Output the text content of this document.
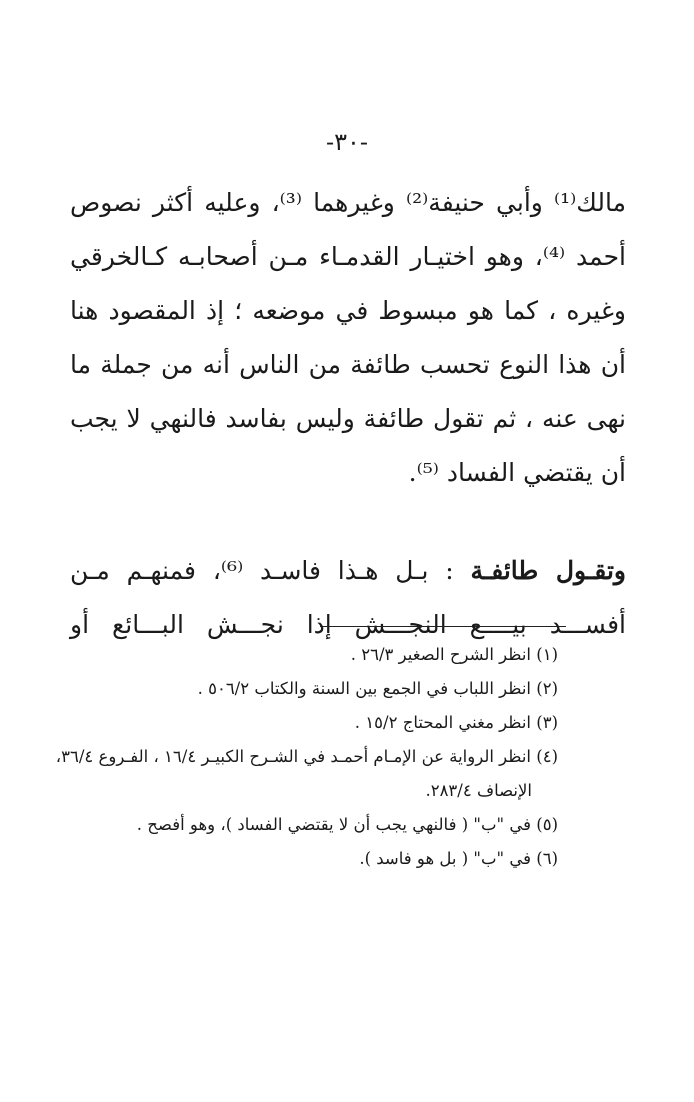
-٣٠-
مالك⁽¹⁾ وأبي حنيفة⁽²⁾ وغيرهما ⁽³⁾، وعليه أكثر نصوص
أحمد ⁽⁴⁾، وهو اختيـار القدمـاء مـن أصحابـه كـالخرقي
وغيره ، كما هو مبسوط في موضعه ؛ إذ المقصود هنا
أن هذا النوع تحسب طائفة من الناس أنه من جملة ما
نهى عنه ، ثم تقول طائفة وليس بفاسد فالنهي لا يجب
أن يقتضي الفساد ⁽⁵⁾.
وتقـول طائفـة : بـل هـذا فاسـد ⁽⁶⁾، فمنهـم مـن
أفســـد بيــــع النجـــش إذا نجـــش البـــائع أو
(١) انظر الشرح الصغير ٢٦/٣ .
(٢) انظر اللباب في الجمع بين السنة والكتاب ٥٠٦/٢ .
(٣) انظر مغني المحتاج ١٥/٢ .
(٤) انظر الرواية عن الإمـام أحمـد في الشـرح الكبيـر ١٦/٤ ، الفـروع ٣٦/٤،
الإنصاف ٢٨٣/٤.
(٥) في "ب" ( فالنهي يجب أن لا يقتضي الفساد )، وهو أفصح .
(٦) في "ب" ( بل هو فاسد ).
